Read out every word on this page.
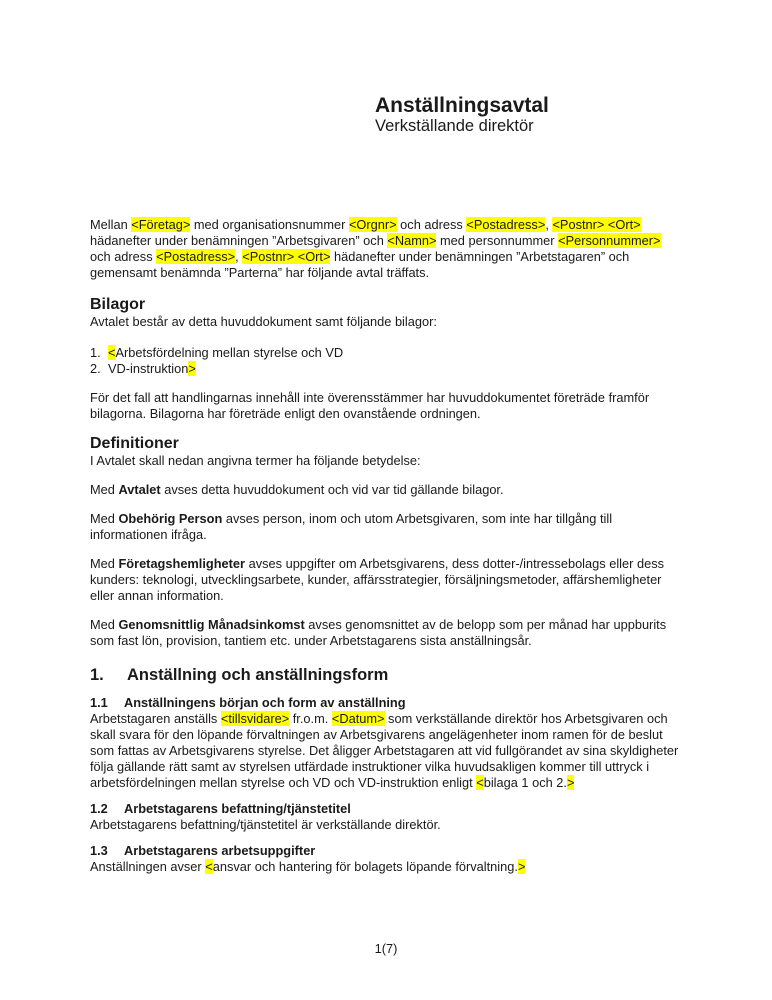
Anställningsavtal
Verkställande direktör

Mellan <Företag> med organisationsnummer <Orgnr> och adress <Postadress>, <Postnr> <Ort> hädanefter under benämningen ”Arbetsgivaren” och <Namn> med personnummer <Personnummer> och adress <Postadress>, <Postnr> <Ort> hädanefter under benämningen ”Arbetstagaren” och gemensamt benämnda ”Parterna” har följande avtal träffats.

Bilagor

Avtalet består av detta huvuddokument samt följande bilagor:

1. <Arbetsfördelning mellan styrelse och VD
2. VD-instruktion>

För det fall att handlingarnas innehåll inte överensstämmer har huvuddokumentet företräde framför bilagorna. Bilagorna har företräde enligt den ovanstående ordningen.

Definitioner

I Avtalet skall nedan angivna termer ha följande betydelse:

Med Avtalet avses detta huvuddokument och vid var tid gällande bilagor.

Med Obehörig Person avses person, inom och utom Arbetsgivaren, som inte har tillgång till informationen ifråga.

Med Företagshemligheter avses uppgifter om Arbetsgivarens, dess dotter-/intressebolags eller dess kunders: teknologi, utvecklingsarbete, kunder, affärsstrategier, försäljningsmetoder, affärshemligheter eller annan information.

Med Genomsnittlig Månadsinkomst avses genomsnittet av de belopp som per månad har uppburits som fast lön, provision, tantiem etc. under Arbetstagarens sista anställningsår.

1.	Anställning och anställningsform
1.1	Anställningens början och form av anställning

Arbetstagaren anställs <tillsvidare> fr.o.m. <Datum> som verkställande direktör hos Arbetsgivaren och skall svara för den löpande förvaltningen av Arbetsgivarens angelägenheter inom ramen för de beslut som fattas av Arbetsgivarens styrelse. Det åligger Arbetstagaren att vid fullgörandet av sina skyldigheter följa gällande rätt samt av styrelsen utfärdade instruktioner vilka huvudsakligen kommer till uttryck i arbetsfördelningen mellan styrelse och VD och VD-instruktion enligt <bilaga 1 och 2.>

1.2	Arbetstagarens befattning/tjänstetitel

Arbetstagarens befattning/tjänstetitel är verkställande direktör.

1.3	Arbetstagarens arbetsuppgifter

Anställningen avser <ansvar och hantering för bolagets löpande förvaltning.>

1(7)
